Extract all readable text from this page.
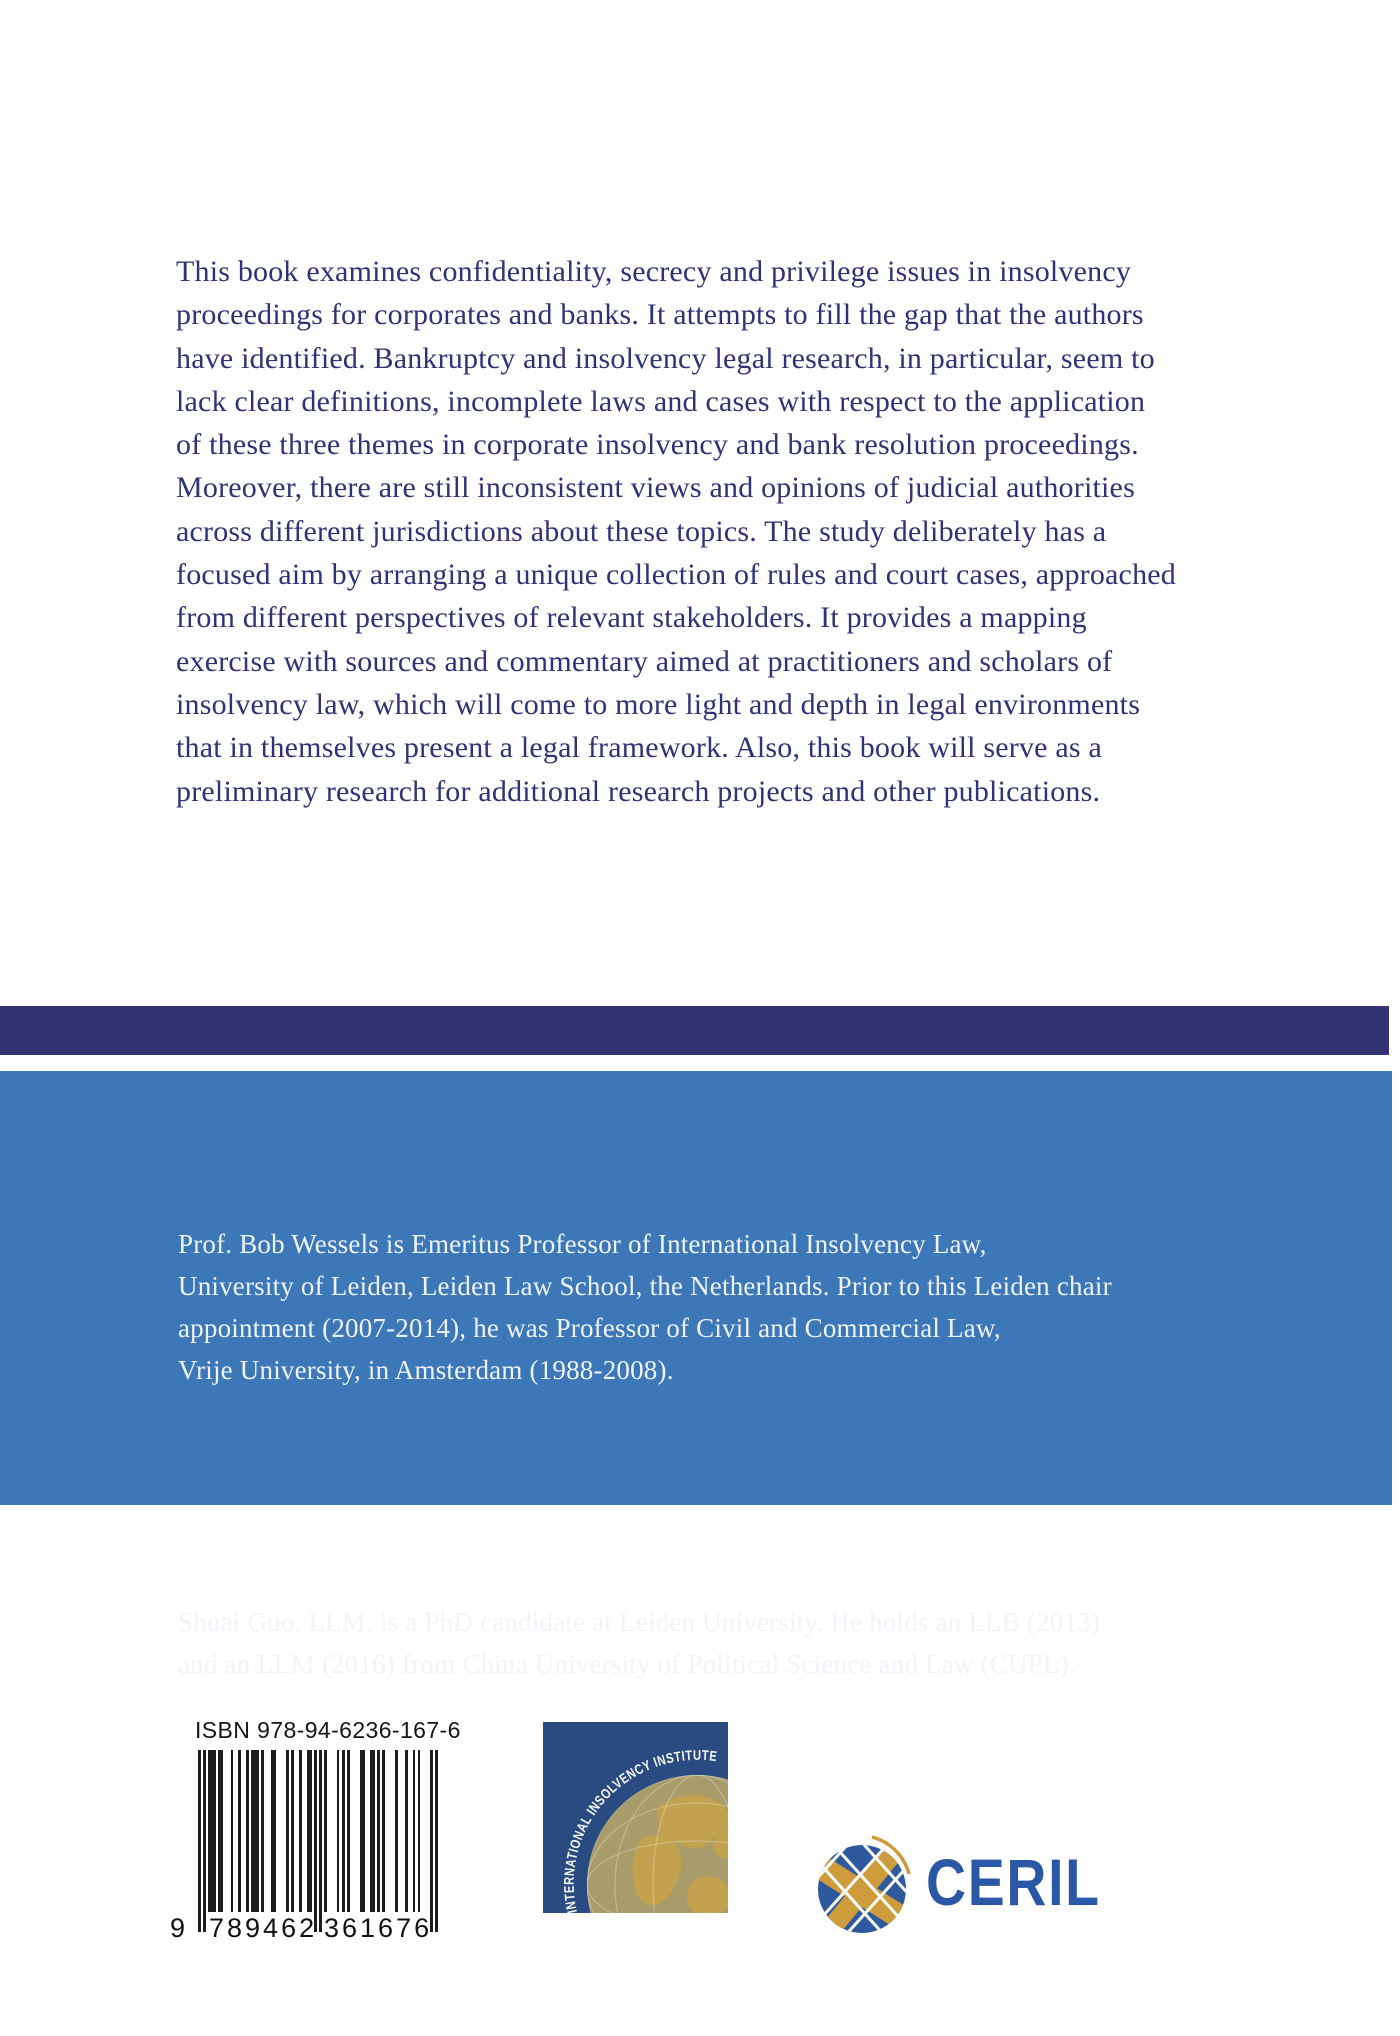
This book examines confidentiality, secrecy and privilege issues in insolvency
proceedings for corporates and banks. It attempts to fill the gap that the authors
have identified. Bankruptcy and insolvency legal research, in particular, seem to
lack clear definitions, incomplete laws and cases with respect to the application
of these three themes in corporate insolvency and bank resolution proceedings.
Moreover, there are still inconsistent views and opinions of judicial authorities
across different jurisdictions about these topics. The study deliberately has a
focused aim by arranging a unique collection of rules and court cases, approached
from different perspectives of relevant stakeholders. It provides a mapping
exercise with sources and commentary aimed at practitioners and scholars of
insolvency law, which will come to more light and depth in legal environments
that in themselves present a legal framework. Also, this book will serve as a
preliminary research for additional research projects and other publications.

Prof. Bob Wessels is Emeritus Professor of International Insolvency Law,
University of Leiden, Leiden Law School, the Netherlands. Prior to this Leiden chair
appointment (2007-2014), he was Professor of Civil and Commercial Law,
Vrije University, in Amsterdam (1988-2008).

Shuai Guo, LLM, is a PhD candidate at Leiden University. He holds an LLB (2013)
and an LLM (2016) from China University of Political Science and Law (CUPL).

ISBN 978-94-6236-167-6
9 789462 361676
INTERNATIONAL INSOLVENCY INSTITUTE
CERIL
